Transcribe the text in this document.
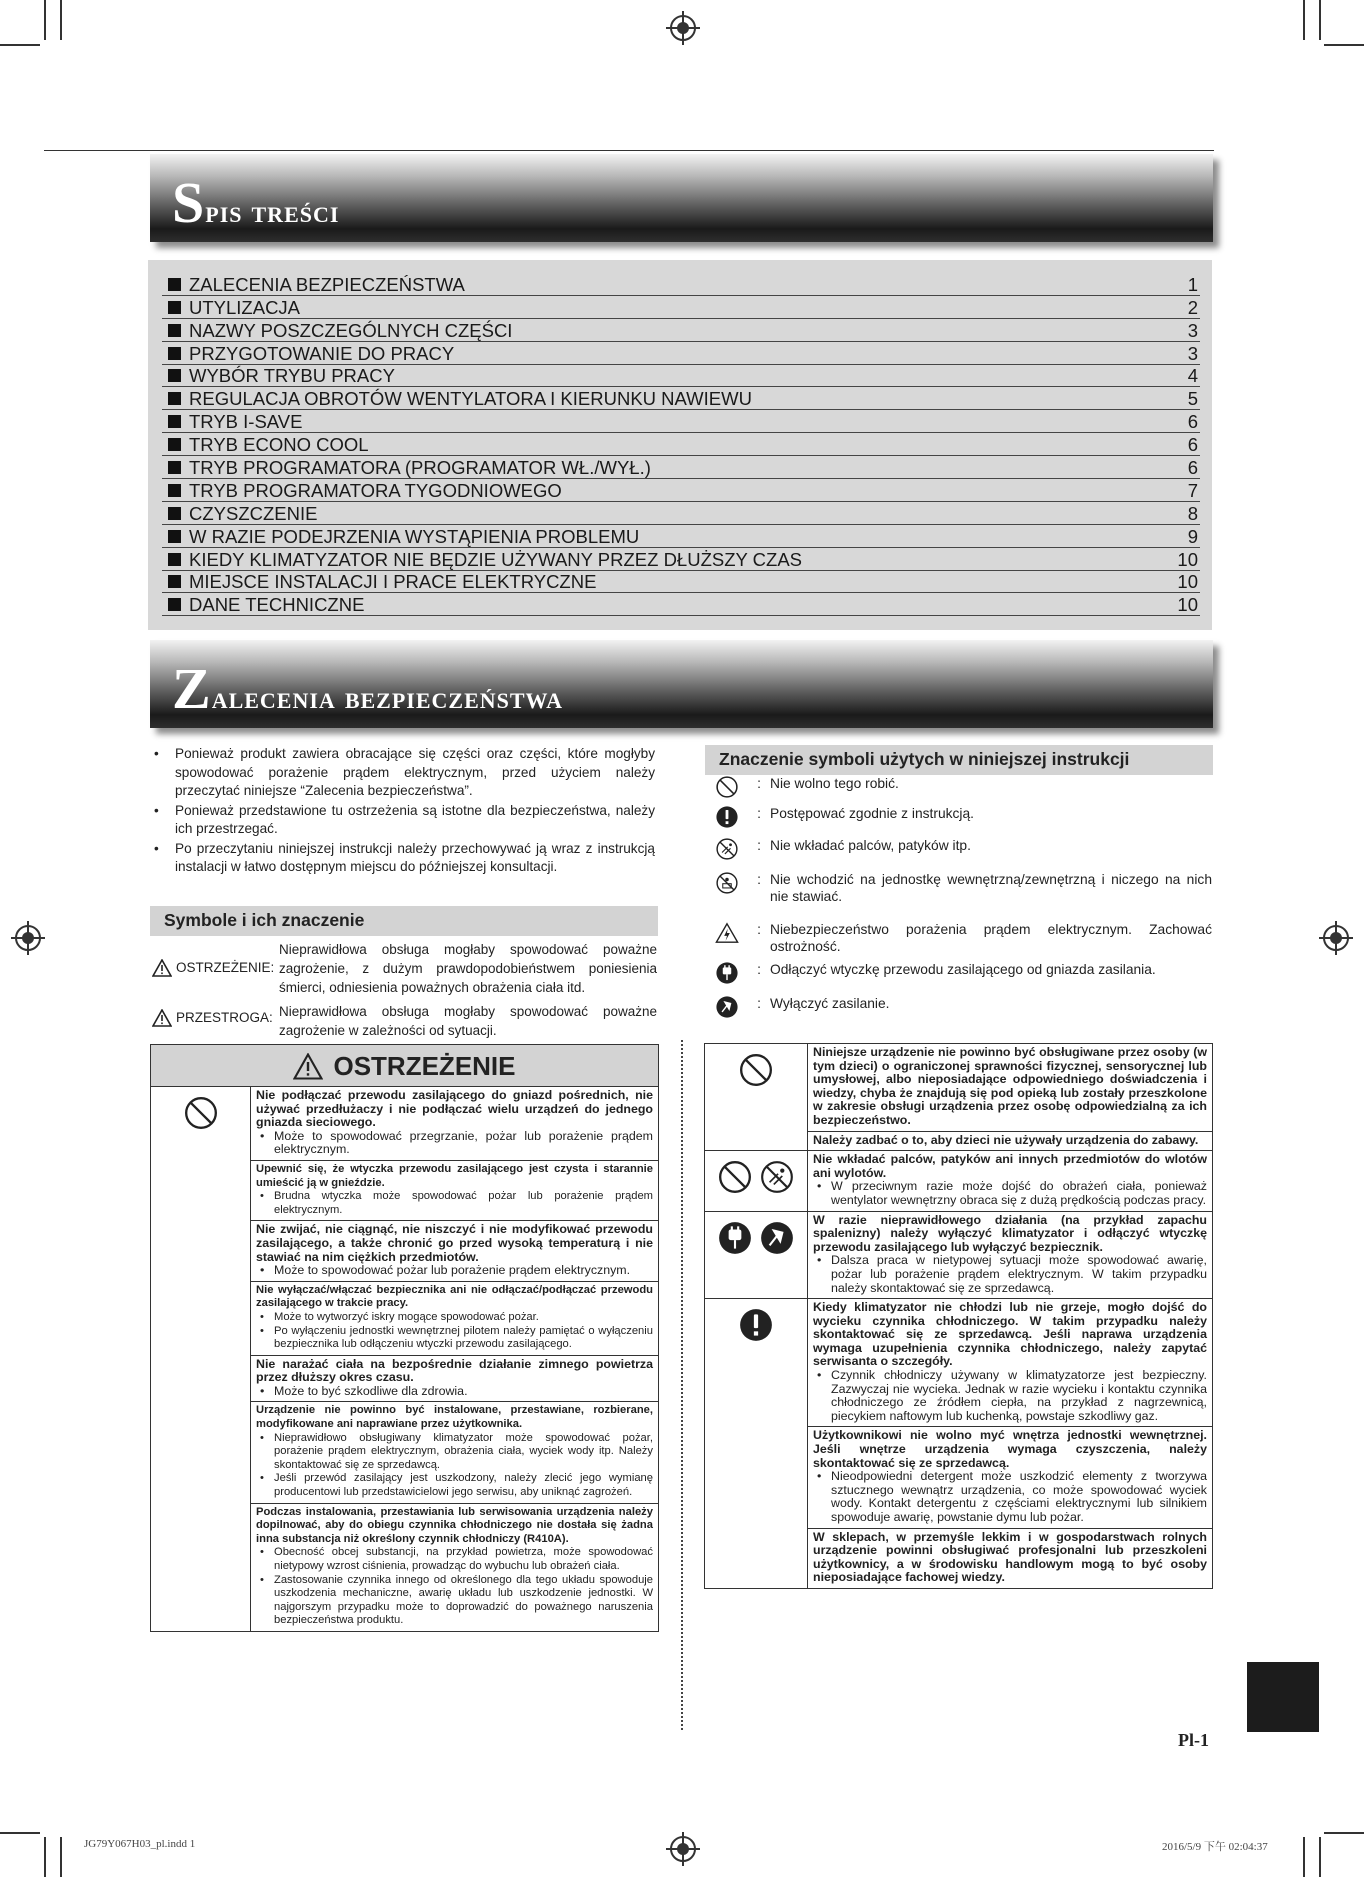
Spis treści
ZALECENIA BEZPIECZEŃSTWA	1
UTYLIZACJA	2
NAZWY POSZCZEGÓLNYCH CZĘŚCI	3
PRZYGOTOWANIE DO PRACY	3
WYBÓR TRYBU PRACY	4
REGULACJA OBROTÓW WENTYLATORA I KIERUNKU NAWIEWU	5
TRYB I-SAVE	6
TRYB ECONO COOL	6
TRYB PROGRAMATORA (PROGRAMATOR WŁ./WYŁ.)	6
TRYB PROGRAMATORA TYGODNIOWEGO	7
CZYSZCZENIE	8
W RAZIE PODEJRZENIA WYSTĄPIENIA PROBLEMU	9
KIEDY KLIMATYZATOR NIE BĘDZIE UŻYWANY PRZEZ DŁUŻSZY CZAS	10
MIEJSCE INSTALACJI I PRACE ELEKTRYCZNE	10
DANE TECHNICZNE	10
Zalecenia bezpieczeństwa
• Ponieważ produkt zawiera obracające się części oraz części, które mogłyby spowodować porażenie prądem elektrycznym, przed użyciem należy przeczytać niniejsze “Zalecenia bezpieczeństwa”.
• Ponieważ przedstawione tu ostrzeżenia są istotne dla bezpieczeństwa, należy ich przestrzegać.
• Po przeczytaniu niniejszej instrukcji należy przechowywać ją wraz z instrukcją instalacji w łatwo dostępnym miejscu do późniejszej konsultacji.
Symbole i ich znaczenie
OSTRZEŻENIE:
Nieprawidłowa obsługa mogłaby spowodować poważne zagrożenie, z dużym prawdopodobieństwem poniesienia śmierci, odniesienia poważnych obrażenia ciała itd.
PRZESTROGA: Nieprawidłowa obsługa mogłaby spowodować poważne zagrożenie w zależności od sytuacji.
OSTRZEŻENIE

Nie podłączać przewodu zasilającego do gniazd pośrednich, nie używać przedłużaczy i nie podłączać wielu urządzeń do jednego gniazda sieciowego.
• Może to spowodować przegrzanie, pożar lub porażenie prądem elektrycznym.

Upewnić się, że wtyczka przewodu zasilającego jest czysta i starannie umieścić ją w gnieździe.
• Brudna wtyczka może spowodować pożar lub porażenie prądem elektrycznym.

Nie zwijać, nie ciągnąć, nie niszczyć i nie modyfikować przewodu zasilającego, a także chronić go przed wysoką temperaturą i nie stawiać na nim ciężkich przedmiotów.
• Może to spowodować pożar lub porażenie prądem elektrycznym.

Nie wyłączać/włączać bezpiecznika ani nie odłączać/podłączać przewodu zasilającego w trakcie pracy.
• Może to wytworzyć iskry mogące spowodować pożar.
• Po wyłączeniu jednostki wewnętrznej pilotem należy pamiętać o wyłączeniu bezpiecznika lub odłączeniu wtyczki przewodu zasilającego.

Nie narażać ciała na bezpośrednie działanie zimnego powietrza przez dłuższy okres czasu.
• Może to być szkodliwe dla zdrowia.

Urządzenie nie powinno być instalowane, przestawiane, rozbierane, modyfikowane ani naprawiane przez użytkownika.
• Nieprawidłowo obsługiwany klimatyzator może spowodować pożar, porażenie prądem elektrycznym, obrażenia ciała, wyciek wody itp. Należy skontaktować się ze sprzedawcą.
• Jeśli przewód zasilający jest uszkodzony, należy zlecić jego wymianę producentowi lub przedstawicielowi jego serwisu, aby uniknąć zagrożeń.

Podczas instalowania, przestawiania lub serwisowania urządzenia należy dopilnować, aby do obiegu czynnika chłodniczego nie dostała się żadna inna substancja niż określony czynnik chłodniczy (R410A).
• Obecność obcej substancji, na przykład powietrza, może spowodować nietypowy wzrost ciśnienia, prowadząc do wybuchu lub obrażeń ciała.
• Zastosowanie czynnika innego od określonego dla tego układu spowoduje uszkodzenia mechaniczne, awarię układu lub uszkodzenie jednostki. W najgorszym przypadku może to doprowadzić do poważnego naruszenia bezpieczeństwa produktu.
Znaczenie symboli użytych w niniejszej instrukcji
: Nie wolno tego robić.
: Postępować zgodnie z instrukcją.
: Nie wkładać palców, patyków itp.
: Nie wchodzić na jednostkę wewnętrzną/zewnętrzną i niczego na nich nie stawiać.
: Niebezpieczeństwo porażenia prądem elektrycznym. Zachować ostrożność.
: Odłączyć wtyczkę przewodu zasilającego od gniazda zasilania.
: Wyłączyć zasilanie.

Niniejsze urządzenie nie powinno być obsługiwane przez osoby (w tym dzieci) o ograniczonej sprawności fizycznej, sensorycznej lub umysłowej, albo nieposiadające odpowiedniego doświadczenia i wiedzy, chyba że znajdują się pod opieką lub zostały przeszkolone w zakresie obsługi urządzenia przez osobę odpowiedzialną za ich bezpieczeństwo.

	Należy zadbać o to, aby dzieci nie używały urządzenia do zabawy.

Nie wkładać palców, patyków ani innych przedmiotów do wlotów ani wylotów.
• W przeciwnym razie może dojść do obrażeń ciała, ponieważ wentylator wewnętrzny obraca się z dużą prędkością podczas pracy.

W razie nieprawidłowego działania (na przykład zapachu spalenizny) należy wyłączyć klimatyzator i odłączyć wtyczkę przewodu zasilającego lub wyłączyć bezpiecznik.
• Dalsza praca w nietypowej sytuacji może spowodować awarię, pożar lub porażenie prądem elektrycznym. W takim przypadku należy skontaktować się ze sprzedawcą.

Kiedy klimatyzator nie chłodzi lub nie grzeje, mogło dojść do wycieku czynnika chłodniczego. W takim przypadku należy skontaktować się ze sprzedawcą. Jeśli naprawa urządzenia wymaga uzupełnienia czynnika chłodniczego, należy zapytać serwisanta o szczegóły.
• Czynnik chłodniczy używany w klimatyzatorze jest bezpieczny. Zazwyczaj nie wycieka. Jednak w razie wycieku i kontaktu czynnika chłodniczego ze źródłem ciepła, na przykład z nagrzewnicą, piecykiem naftowym lub kuchenką, powstaje szkodliwy gaz.

	Użytkownikowi nie wolno myć wnętrza jednostki wewnętrznej. Jeśli wnętrze urządzenia wymaga czyszczenia, należy skontaktować się ze sprzedawcą.
• Nieodpowiedni detergent może uszkodzić elementy z tworzywa sztucznego wewnątrz urządzenia, co może spowodować wyciek wody. Kontakt detergentu z częściami elektrycznymi lub silnikiem spowoduje awarię, powstanie dymu lub pożar.

	W sklepach, w przemyśle lekkim i w gospodarstwach rolnych urządzenie powinni obsługiwać profesjonalni lub przeszkoleni użytkownicy, a w środowisku handlowym mogą to być osoby nieposiadające fachowej wiedzy.
Pl-1
JG79Y067H03_pl.indd 1	2016/5/9 下午 02:04:37
